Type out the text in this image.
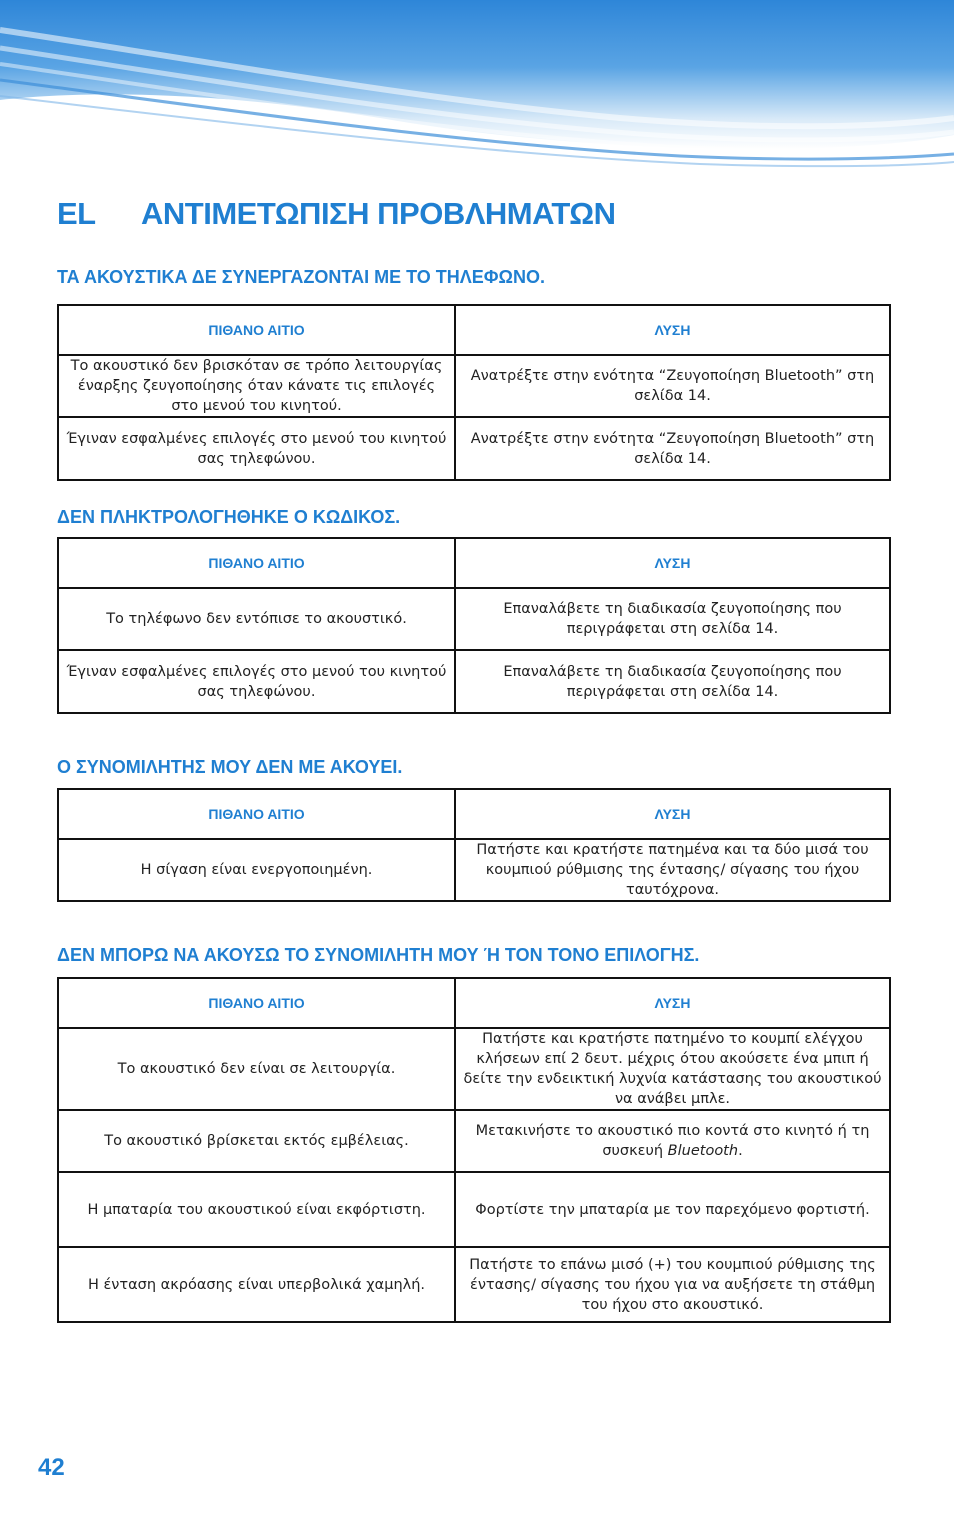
EL	ΑΝΤΙΜΕΤΩΠΙΣΗ ΠΡΟΒΛΗΜΑΤΩΝ
ΤΑ ΑΚΟΥΣΤΙΚΑ ΔΕ ΣΥΝΕΡΓΑΖΟΝΤΑΙ ΜΕ ΤΟ ΤΗΛΕΦΩΝΟ.
ΠΙΘΑΝΟ ΑΙΤΙΟ	ΛΥΣΗ
Το ακουστικό δεν βρισκόταν σε τρόπο λειτουργίας έναρξης ζευγοποίησης όταν κάνατε τις επιλογές στο μενού του κινητού.	Ανατρέξτε στην ενότητα “Ζευγοποίηση Bluetooth” στη σελίδα 14.
Έγιναν εσφαλμένες επιλογές στο μενού του κινητού σας τηλεφώνου.	Ανατρέξτε στην ενότητα “Ζευγοποίηση Bluetooth” στη σελίδα 14.
ΔΕΝ ΠΛΗΚΤΡΟΛΟΓΗΘΗΚΕ Ο ΚΩΔΙΚΟΣ.
ΠΙΘΑΝΟ ΑΙΤΙΟ	ΛΥΣΗ
Το τηλέφωνο δεν εντόπισε το ακουστικό.	Επαναλάβετε τη διαδικασία ζευγοποίησης που περιγράφεται στη σελίδα 14.
Έγιναν εσφαλμένες επιλογές στο μενού του κινητού σας τηλεφώνου.	Επαναλάβετε τη διαδικασία ζευγοποίησης που περιγράφεται στη σελίδα 14.
Ο ΣΥΝΟΜΙΛΗΤΗΣ ΜΟΥ ΔΕΝ ΜΕ ΑΚΟΥΕΙ.
ΠΙΘΑΝΟ ΑΙΤΙΟ	ΛΥΣΗ
Η σίγαση είναι ενεργοποιημένη.	Πατήστε και κρατήστε πατημένα και τα δύο μισά του κουμπιού ρύθμισης της έντασης/ σίγασης του ήχου ταυτόχρονα.
ΔΕΝ ΜΠΟΡΩ ΝΑ ΑΚΟΥΣΩ ΤΟ ΣΥΝΟΜΙΛΗΤΗ ΜΟΥ Ή ΤΟΝ ΤΟΝΟ ΕΠΙΛΟΓΗΣ.
ΠΙΘΑΝΟ ΑΙΤΙΟ	ΛΥΣΗ
Το ακουστικό δεν είναι σε λειτουργία.	Πατήστε και κρατήστε πατημένο το κουμπί ελέγχου κλήσεων επί 2 δευτ. μέχρις ότου ακούσετε ένα μπιπ ή δείτε την ενδεικτική λυχνία κατάστασης του ακουστικού να ανάβει μπλε.
Το ακουστικό βρίσκεται εκτός εμβέλειας.	Μετακινήστε το ακουστικό πιο κοντά στο κινητό ή τη συσκευή Bluetooth.
Η μπαταρία του ακουστικού είναι εκφόρτιστη.	Φορτίστε την μπαταρία με τον παρεχόμενο φορτιστή.
Η ένταση ακρόασης είναι υπερβολικά χαμηλή.	Πατήστε το επάνω μισό (+) του κουμπιού ρύθμισης της έντασης/ σίγασης του ήχου για να αυξήσετε τη στάθμη του ήχου στο ακουστικό.
42
